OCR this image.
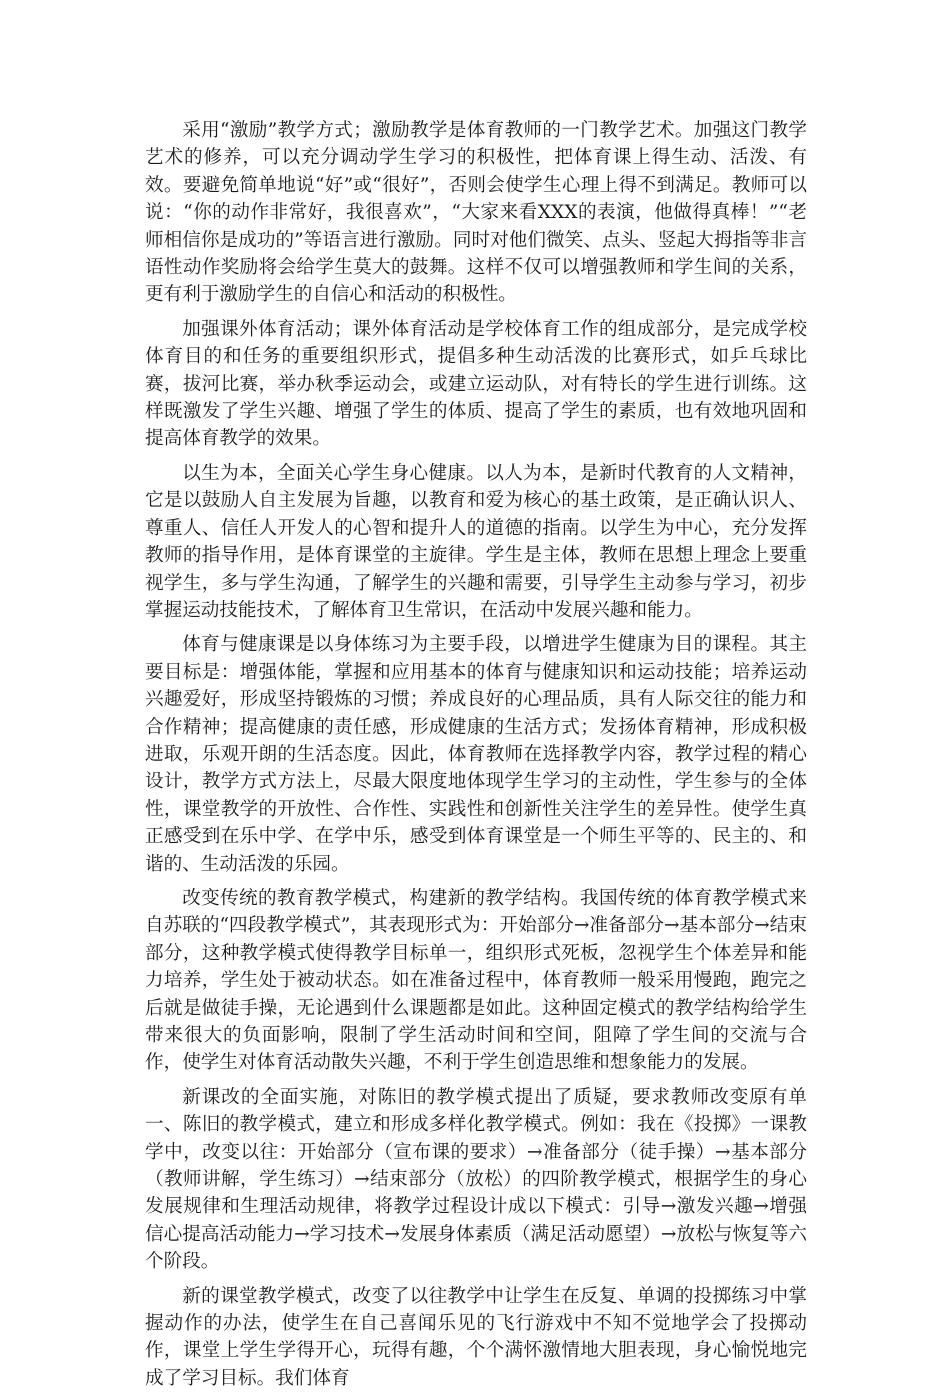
采用“激励”教学方式；激励教学是体育教师的一门教学艺术。加强这门教学艺术的修养，可以充分调动学生学习的积极性，把体育课上得生动、活泼、有效。要避免简单地说“好”或“很好”，否则会使学生心理上得不到满足。教师可以说：“你的动作非常好，我很喜欢”，“大家来看XXX的表演，他做得真棒！”“老师相信你是成功的”等语言进行激励。同时对他们微笑、点头、竖起大拇指等非言语性动作奖励将会给学生莫大的鼓舞。这样不仅可以增强教师和学生间的关系，更有利于激励学生的自信心和活动的积极性。

加强课外体育活动；课外体育活动是学校体育工作的组成部分，是完成学校体育目的和任务的重要组织形式，提倡多种生动活泼的比赛形式，如乒乓球比赛，拔河比赛，举办秋季运动会，或建立运动队，对有特长的学生进行训练。这样既激发了学生兴趣、增强了学生的体质、提高了学生的素质，也有效地巩固和提高体育教学的效果。

以生为本，全面关心学生身心健康。以人为本，是新时代教育的人文精神，它是以鼓励人自主发展为旨趣，以教育和爱为核心的基土政策，是正确认识人、尊重人、信任人开发人的心智和提升人的道德的指南。以学生为中心，充分发挥教师的指导作用，是体育课堂的主旋律。学生是主体，教师在思想上理念上要重视学生，多与学生沟通，了解学生的兴趣和需要，引导学生主动参与学习，初步掌握运动技能技术，了解体育卫生常识，在活动中发展兴趣和能力。

体育与健康课是以身体练习为主要手段，以增进学生健康为目的课程。其主要目标是：增强体能，掌握和应用基本的体育与健康知识和运动技能；培养运动兴趣爱好，形成坚持锻炼的习惯；养成良好的心理品质，具有人际交往的能力和合作精神；提高健康的责任感，形成健康的生活方式；发扬体育精神，形成积极进取，乐观开朗的生活态度。因此，体育教师在选择教学内容，教学过程的精心设计，教学方式方法上，尽最大限度地体现学生学习的主动性，学生参与的全体性，课堂教学的开放性、合作性、实践性和创新性关注学生的差异性。使学生真正感受到在乐中学、在学中乐，感受到体育课堂是一个师生平等的、民主的、和谐的、生动活泼的乐园。

改变传统的教育教学模式，构建新的教学结构。我国传统的体育教学模式来自苏联的“四段教学模式”，其表现形式为：开始部分→准备部分→基本部分→结束部分，这种教学模式使得教学目标单一，组织形式死板，忽视学生个体差异和能力培养，学生处于被动状态。如在准备过程中，体育教师一般采用慢跑，跑完之后就是做徒手操，无论遇到什么课题都是如此。这种固定模式的教学结构给学生带来很大的负面影响，限制了学生活动时间和空间，阻障了学生间的交流与合作，使学生对体育活动散失兴趣，不利于学生创造思维和想象能力的发展。

新课改的全面实施，对陈旧的教学模式提出了质疑，要求教师改变原有单一、陈旧的教学模式，建立和形成多样化教学模式。例如：我在《投掷》一课教学中，改变以往：开始部分（宣布课的要求）→准备部分（徒手操）→基本部分（教师讲解，学生练习）→结束部分（放松）的四阶教学模式，根据学生的身心发展规律和生理活动规律，将教学过程设计成以下模式：引导→激发兴趣→增强信心提高活动能力→学习技术→发展身体素质（满足活动愿望）→放松与恢复等六个阶段。

新的课堂教学模式，改变了以往教学中让学生在反复、单调的投掷练习中掌握动作的办法，使学生在自己喜闻乐见的飞行游戏中不知不觉地学会了投掷动作，课堂上学生学得开心，玩得有趣，个个满怀激情地大胆表现，身心愉悦地完成了学习目标。我们体育
